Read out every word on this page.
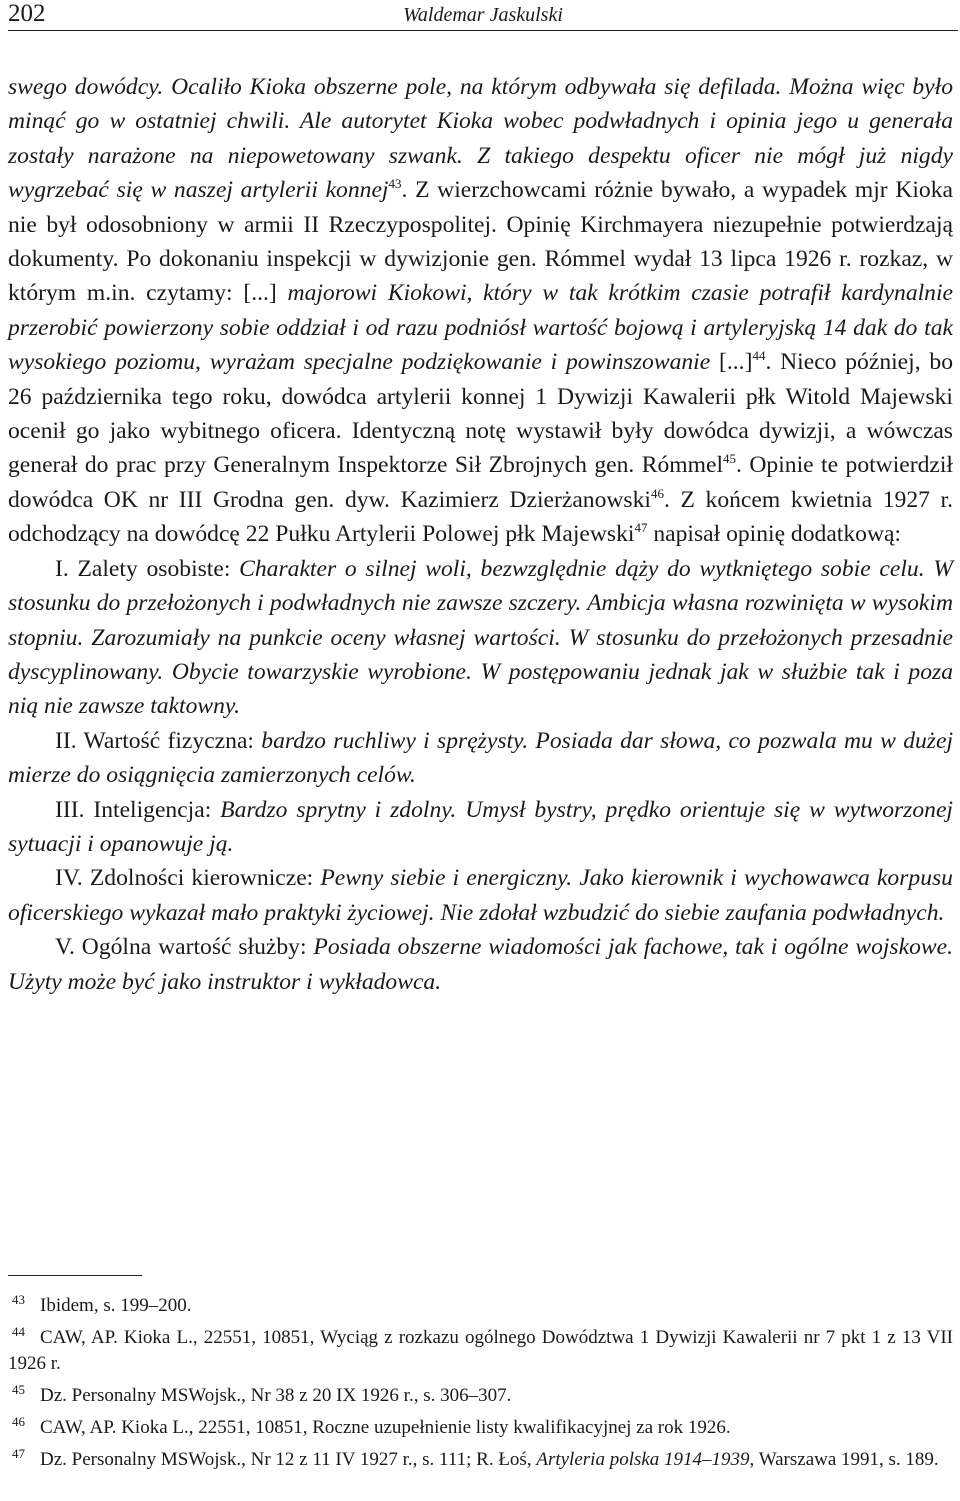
202	Waldemar Jaskulski

swego dowódcy. Ocaliło Kioka obszerne pole, na którym odbywała się defilada. Można więc było minąć go w ostatniej chwili. Ale autorytet Kioka wobec podwładnych i opinia jego u generała zostały narażone na niepowetowany szwank. Z takiego despektu oficer nie mógł już nigdy wygrzebać się w naszej artylerii konnej$^{43}$. Z wierzchowcami różnie bywało, a wypadek mjr Kioka nie był odosobniony w armii II Rzeczypospolitej. Opinię Kirchmayera niezupełnie potwierdzają dokumenty. Po dokonaniu inspekcji w dywizjonie gen. Rómmel wydał 13 lipca 1926 r. rozkaz, w którym m.in. czytamy: [...] majorowi Kiokowi, który w tak krótkim czasie potrafił kardynalnie przerobić powierzony sobie oddział i od razu podniósł wartość bojową i artyleryjską 14 dak do tak wysokiego poziomu, wyrażam specjalne podziękowanie i powinszowanie [...]$^{44}$. Nieco później, bo 26 października tego roku, dowódca artylerii konnej 1 Dywizji Kawalerii płk Witold Majewski ocenił go jako wybitnego oficera. Identyczną notę wystawił były dowódca dywizji, a wówczas generał do prac przy Generalnym Inspektorze Sił Zbrojnych gen. Rómmel$^{45}$. Opinie te potwierdził dowódca OK nr III Grodna gen. dyw. Kazimierz Dzierżanowski$^{46}$. Z końcem kwietnia 1927 r. odchodzący na dowódcę 22 Pułku Artylerii Polowej płk Majewski$^{47}$ napisał opinię dodatkową:

I. Zalety osobiste: Charakter o silnej woli, bezwzględnie dąży do wytkniętego sobie celu. W stosunku do przełożonych i podwładnych nie zawsze szczery. Ambicja własna rozwinięta w wysokim stopniu. Zarozumiały na punkcie oceny własnej wartości. W stosunku do przełożonych przesadnie dyscyplinowany. Obycie towarzyskie wyrobione. W postępowaniu jednak jak w służbie tak i poza nią nie zawsze taktowny.

II. Wartość fizyczna: bardzo ruchliwy i sprężysty. Posiada dar słowa, co pozwala mu w dużej mierze do osiągnięcia zamierzonych celów.

III. Inteligencja: Bardzo sprytny i zdolny. Umysł bystry, prędko orientuje się w wytworzonej sytuacji i opanowuje ją.

IV. Zdolności kierownicze: Pewny siebie i energiczny. Jako kierownik i wychowawca korpusu oficerskiego wykazał mało praktyki życiowej. Nie zdołał wzbudzić do siebie zaufania podwładnych.

V. Ogólna wartość służby: Posiada obszerne wiadomości jak fachowe, tak i ogólne wojskowe. Użyty może być jako instruktor i wykładowca.

43 Ibidem, s. 199–200.

44 CAW, AP. Kioka L., 22551, 10851, Wyciąg z rozkazu ogólnego Dowództwa 1 Dywizji Kawalerii nr 7 pkt 1 z 13 VII 1926 r.

45 Dz. Personalny MSWojsk., Nr 38 z 20 IX 1926 r., s. 306–307.

46 CAW, AP. Kioka L., 22551, 10851, Roczne uzupełnienie listy kwalifikacyjnej za rok 1926.

47 Dz. Personalny MSWojsk., Nr 12 z 11 IV 1927 r., s. 111; R. Łoś, Artyleria polska 1914–1939, Warszawa 1991, s. 189.
